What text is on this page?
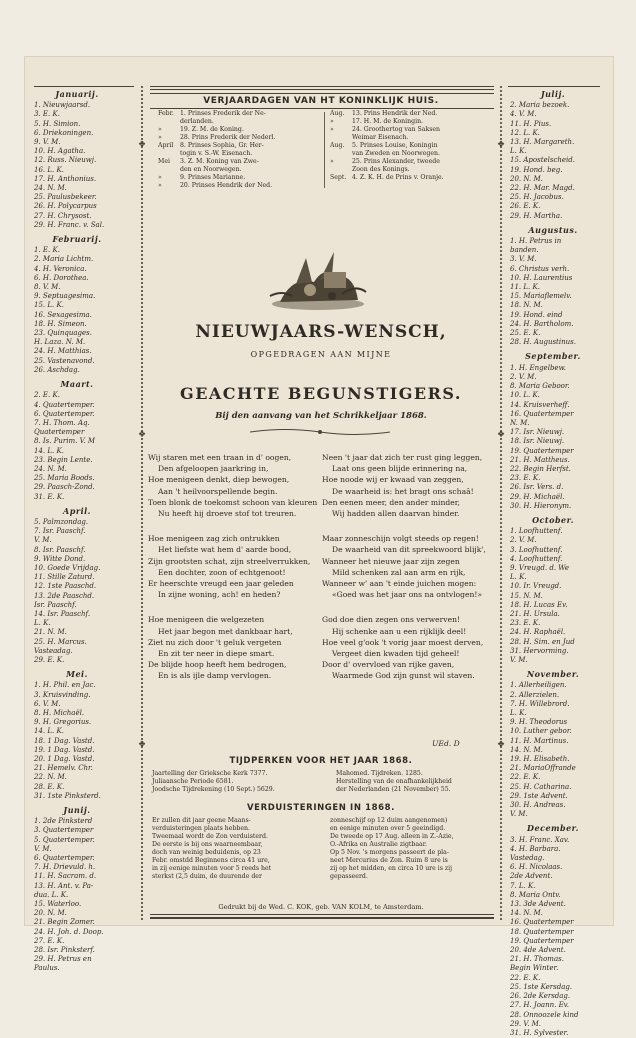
❖	❖
❖	❖
❖	❖
Januarij.
1. Nieuwjaarsd.
3. E. K.
5. H. Simion.
6. Driekoningen.
9. V. M.
10. H. Agatha.
12. Russ. Nieuwj.
16. L. K.
17. H. Anthonius.
24. N. M.
25. Paulusbekeer.
26. H. Polycarpus
27. H. Chrysost.
29. H. Franc. v. Sal.
Februarij.
1. E. K.
2. Maria Lichtm.
4. H. Veronica.
6. H. Dorothea.
8. V. M.
9. Septuagesima.
15. L. K.
16. Sexagesima.
18. H. Simeon.
23. Quinquages.
H. Laza. N. M.
24. H. Matthias.
25. Vastenavond.
26. Aschdag.
Maart.
2. E. K.
4. Quatertemper.
6. Quatertemper.
7. H. Thom. Aq.
Quatertemper
8. Is. Purim. V. M
14. L. K.
23. Begin Lente.
24. N. M.
25. Maria Boods.
29. Paasch-Zond.
31. E. K.
April.
5. Palmzondag.
7. Isr. Paaschf.
V. M.
8. Isr. Paaschf.
9. Witte Dond.
10. Goede Vrijdag.
11. Stille Zaturd.
12. 1ste Paaschd.
13. 2de Paaschd.
Isr. Paaschf.
14. Isr. Paaschf.
L. K.
21. N. M.
25. H. Marcus.
Vasteadag.
29. E. K.
Mei.
1. H. Phil. en Jac.
3. Kruisvinding.
6. V. M.
8. H. Michaël.
9. H. Gregorius.
14. L. K.
18. 1 Dag. Vastd.
19. 1 Dag. Vastd.
20. 1 Dag. Vastd.
21. Hemelv. Chr.
22. N. M.
28. E. K.
31. 1ste Pinksterd.
Junij.
1. 2de Pinksterd
3. Quatertemper
5. Quatertemper.
V. M.
6. Quatertemper.
7. H. Drievuld. h.
11. H. Sacram. d.
13. H. Ant. v. Pa-
dua. L. K.
15. Waterloo.
20. N. M.
21. Begin Zomer.
24. H. Joh. d. Doop.
27. E. K.
28. Isr. Pinksterf.
29. H. Petrus en
Paulus.
Julij.
2. Maria bezoek.
4. V. M.
11. H. Pius.
12. L. K.
13. H. Margareth.
L. K.
15. Apostelscheid.
19. Hond. beg.
20. N. M.
22. H. Mar. Magd.
25. H. Jacobus.
26. E. K.
29. H. Martha.
Augustus.
1. H. Petrus in
banden.
3. V. M.
6. Christus verh.
10. H. Laurentius
11. L. K.
15. Mariaflemelv.
18. N. M.
19. Hond. eind
24. H. Bartholom.
25. E. K.
28. H. Augustinus.
September.
1. H. Engelbew.
2. V. M.
8. Maria Geboor.
10. L. K.
14. Kruisverheff.
16. Quatertemper
N. M.
17. Isr. Nieuwj.
18. Isr. Nieuwj.
19. Quatertemper
21. H. Mattheus.
22. Begin Herfst.
23. E. K.
26. Isr. Vers. d.
29. H. Michaël.
30. H. Hieronym.
October.
1. Loofhuttenf.
2. V. M.
3. Loofhuttenf.
4. Loofhuttenf.
9. Vreugd. d. We
L. K.
10. Ir. Vreugd.
15. N. M.
18. H. Lucas Ev.
21. H. Ursula.
23. E. K.
24. H. Raphaël.
28. H. Sim. en Jud
31. Hervorming.
V. M.
November.
1. Allerheiligen.
2. Allerzielen.
7. H. Willebrord.
L. K.
9. H. Theodorus
10. Luther gebor.
11. H. Martinus.
14. N. M.
19. H. Elisabeth.
21. MariaOffrande
22. E. K.
25. H. Catharina.
29. 1ste Advent.
30. H. Andreas.
V. M.
December.
3. H. Franc. Xav.
4. H. Barbara.
Vastedag.
6. H. Nicolaas.
2de Advent.
7. L. K.
8. Maria Ontv.
13. 3de Advent.
14. N. M.
16. Quatertemper
18. Quatertemper
19. Quatertemper
20. 4de Advent.
21. H. Thomas.
Begin Winter.
22. E. K.
25. 1ste Kersdag.
26. 2de Kersdag.
27. H. Joann. Ev.
28. Onnoozele kind
29. V. M.
31. H. Sylvester.
VERJAARDAGEN VAN HT KONINKLIJK HUIS.
Febr. 1. Prinses Frederik der Ne-
derlanden.
»	19. Z. M. de Koning.
»	28. Prins Frederik der Nederl.
April 8. Prinses Sophia, Gr. Her-
togin v. S.-W. Eisenach.
Mei 3. Z. M. Koning van Zwe-
den en Noorwegen.
»	9. Prinses Marianne.
»	20. Prinses Hendrik der Ned.
Aug. 13. Prins Hendrik der Ned.
»	17. H. M. de Koningin.
»	24. Groothertog van Saksen
Weimar Eisenach.
Aug. 5. Prinses Louise, Koningin
van Zweden en Noorwegen.
»	25. Prins Alexander, tweede
Zoon des Konings.
Sept. 4. Z. K. H. de Prins v. Oranje.
NIEUWJAARS-WENSCH,
OPGEDRAGEN AAN MIJNE
GEACHTE BEGUNSTIGERS.
Bij den aanvang van het Schrikkeljaar 1868.
Wij staren met een traan in d' oogen,
Den afgeloopen jaarkring in,
Hoe menigeen denkt, diep bewogen,
Aan 't heilvoorspellende begin.
Toen blonk de toekomst schoon van kleuren
Nu heeft hij droeve stof tot treuren.
Hoe menigeen zag zich ontrukken
Het liefste wat hem d' aarde bood,
Zijn grootsten schat, zijn streelverrukken,
Een dochter, zoon of echtgenoot!
Er heerschte vreugd een jaar geleden
In zijne woning, ach! en heden?
Hoe menigeen die welgezeten
Het jaar begon met dankbaar hart,
Ziet nu zich door 't geluk vergeten
En zit ter neer in diepe smart.
De blijde hoop heeft hem bedrogen,
En is als ijle damp vervlogen.
Neen 't jaar dat zich ter rust ging leggen,
Laat ons geen blijde erinnering na,
Hoe noode wij er kwaad van zeggen,
De waarheid is: het bragt ons schaâ!
Den eenen meer, den ander minder,
Wij hadden allen daarvan hinder.
Maar zonneschijn volgt steeds op regen!
De waarheid van dit spreekwoord blijk',
Wanneer het nieuwe jaar zijn zegen
Mild schenken zal aan arm en rijk,
Wanneer w' aan 't einde juichen mogen:
«Goed was het jaar ons na ontvlogen!»
God doe dien zegen ons verwerven!
Hij schenke aan u een rijklijk deel!
Hoe veel g'ook 't vorig jaar moest derven,
Vergeet dien kwaden tijd geheel!
Door d' overvloed van rijke gaven,
Waarmede God zijn gunst wil staven.
UEd. D
TIJDPERKEN VOOR HET JAAR 1868.
Jaartelling der Grieksche Kerk 7377.
Juliaansche Periode 6581.
Joodsche Tijdrekening (10 Sept.) 5629.
Mahomed. Tijdreken. 1285.
Herstelling van de onafhankelijkheid
der Nederlanden (21 November) 55.
VERDUISTERINGEN IN 1868.
Er zullen dit jaar geene Maans-
verduisteringen plaats hebben.
Tweemaal wordt de Zon verduisterd.
De eerste is bij ons waarneembaar,
doch van weinig beduidenis, op 23
Febr. omstdd Beginnens circa 41 ure,
in zij eenige minuten voor 5 reeds het
sterkst (2,5 duim, de duurende der
zonneschijf op 12 duim aangenomen)
en eenige minuten over 5 geeindigd.
De tweede op 17 Aug. alleen in Z.-Azie,
O.-Afrika en Australie zigtbaar.
Op 5 Nov. 's morgens passeert de pla-
neet Mercurius de Zon. Ruim 8 ure is
zij op het midden, en circa 10 ure is zij
gepasseerd.
Gedrukt bij de Wed. C. KOK, geb. VAN KOLM, te Amsterdam.
